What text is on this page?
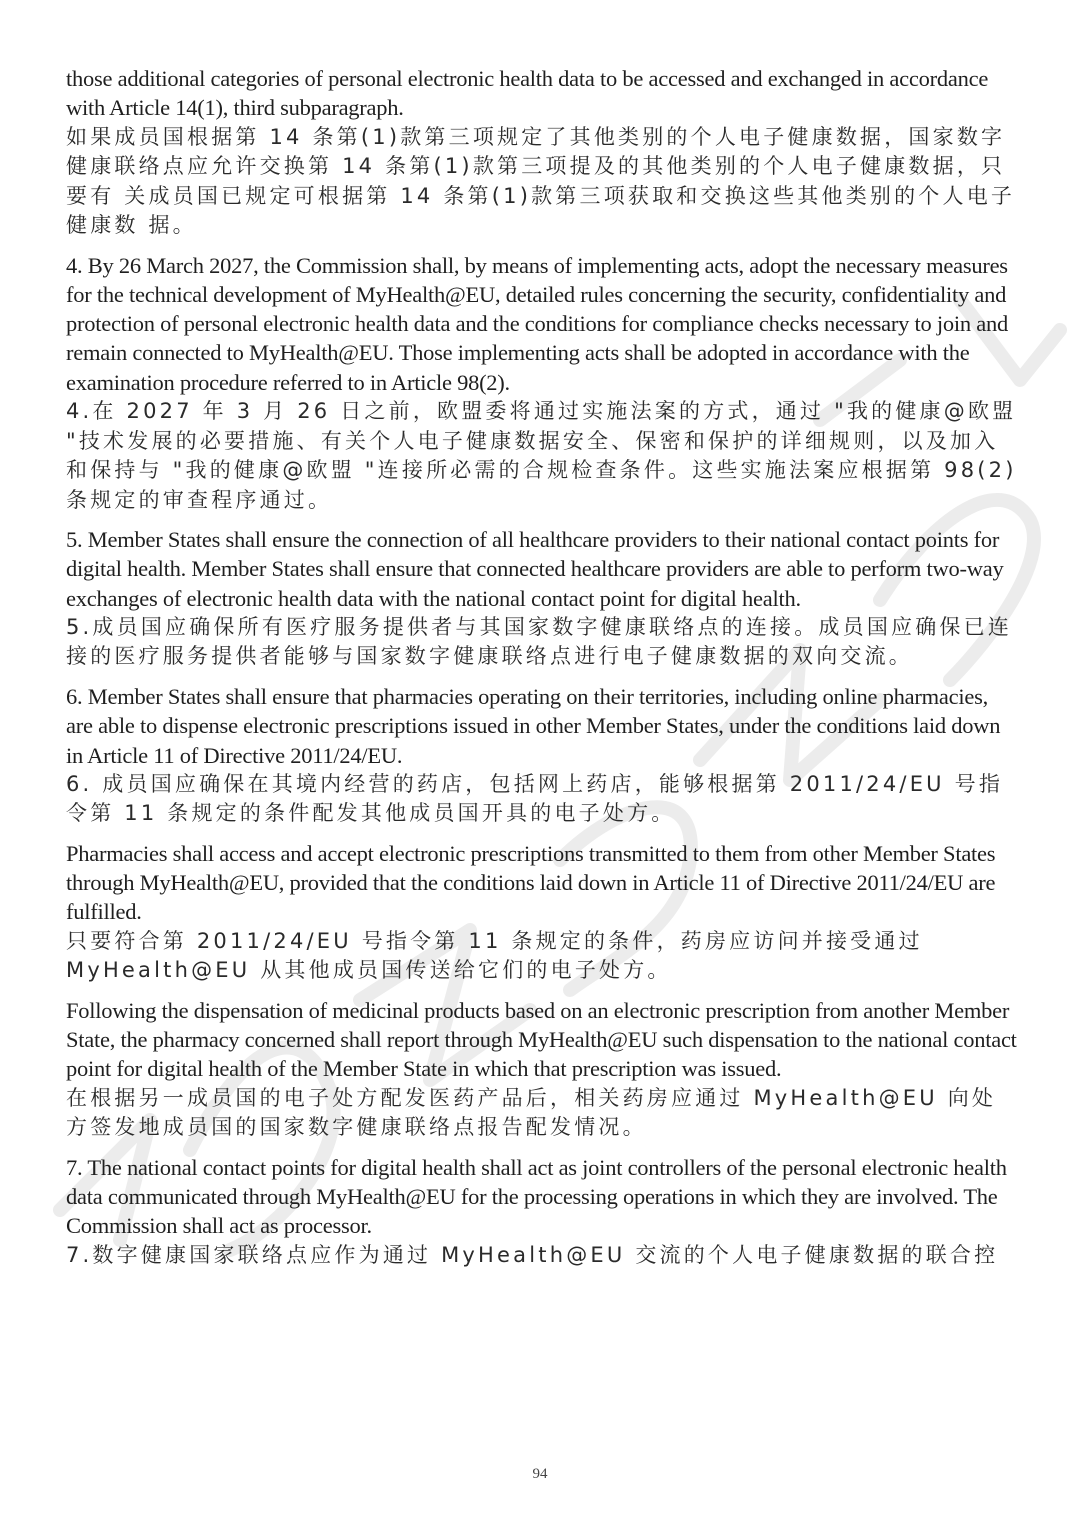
those additional categories of personal electronic health data to be accessed and exchanged in accordance with Article 14(1), third subparagraph.
如果成员国根据第 14 条第(1)款第三项规定了其他类别的个人电子健康数据，国家数字 健康联络点应允许交换第 14 条第(1)款第三项提及的其他类别的个人电子健康数据，只要有 关成员国已规定可根据第 14 条第(1)款第三项获取和交换这些其他类别的个人电子健康数 据。
4. By 26 March 2027, the Commission shall, by means of implementing acts, adopt the necessary measures for the technical development of MyHealth@EU, detailed rules concerning the security, confidentiality and protection of personal electronic health data and the conditions for compliance checks necessary to join and remain connected to MyHealth@EU. Those implementing acts shall be adopted in accordance with the examination procedure referred to in Article 98(2).
4.在 2027 年 3 月 26 日之前，欧盟委将通过实施法案的方式，通过 "我的健康@欧盟 "技术发展的必要措施、有关个人电子健康数据安全、保密和保护的详细规则，以及加入和保持与 "我的健康@欧盟 "连接所必需的合规检查条件。这些实施法案应根据第 98(2)条规定的审查程序通过。
5. Member States shall ensure the connection of all healthcare providers to their national contact points for digital health. Member States shall ensure that connected healthcare providers are able to perform two-way exchanges of electronic health data with the national contact point for digital health.
5.成员国应确保所有医疗服务提供者与其国家数字健康联络点的连接。成员国应确保已连接的医疗服务提供者能够与国家数字健康联络点进行电子健康数据的双向交流。
6. Member States shall ensure that pharmacies operating on their territories, including online pharmacies, are able to dispense electronic prescriptions issued in other Member States, under the conditions laid down in Article 11 of Directive 2011/24/EU.
6. 成员国应确保在其境内经营的药店，包括网上药店，能够根据第 2011/24/EU 号指令第 11 条规定的条件配发其他成员国开具的电子处方。
Pharmacies shall access and accept electronic prescriptions transmitted to them from other Member States through MyHealth@EU, provided that the conditions laid down in Article 11 of Directive 2011/24/EU are fulfilled.
只要符合第 2011/24/EU 号指令第 11 条规定的条件，药房应访问并接受通过 MyHealth@EU 从其他成员国传送给它们的电子处方。
Following the dispensation of medicinal products based on an electronic prescription from another Member State, the pharmacy concerned shall report through MyHealth@EU such dispensation to the national contact point for digital health of the Member State in which that prescription was issued.
在根据另一成员国的电子处方配发医药产品后，相关药房应通过 MyHealth@EU 向处方签发地成员国的国家数字健康联络点报告配发情况。
7. The national contact points for digital health shall act as joint controllers of the personal electronic health data communicated through MyHealth@EU for the processing operations in which they are involved. The Commission shall act as processor.
7.数字健康国家联络点应作为通过 MyHealth@EU 交流的个人电子健康数据的联合控
94
